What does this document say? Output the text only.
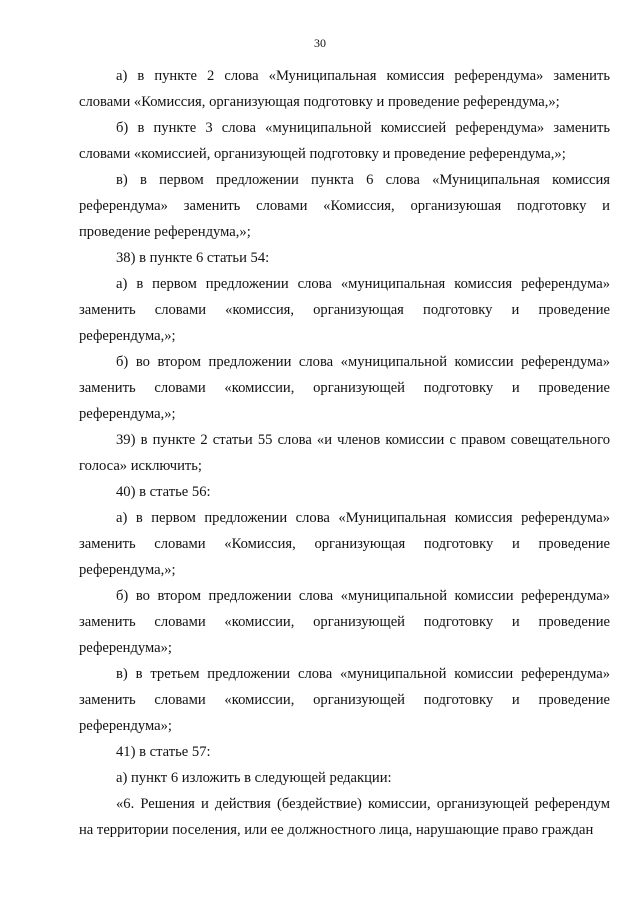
30

а) в пункте 2 слова «Муниципальная комиссия референдума» заменить словами «Комиссия, организующая подготовку и проведение референдума,»;

б) в пункте 3 слова «муниципальной комиссией референдума» заменить словами «комиссией, организующей подготовку и проведение референдума,»;

в) в первом предложении пункта 6 слова «Муниципальная комиссия референдума» заменить словами «Комиссия, организуюшая подготовку и проведение референдума,»;

38) в пункте 6 статьи 54:

а) в первом предложении слова «муниципальная комиссия референдума» заменить словами «комиссия, организующая подготовку и проведение референдума,»;

б) во втором предложении слова «муниципальной комиссии референдума» заменить словами «комиссии, организующей подготовку и проведение референдума,»;

39) в пункте 2 статьи 55 слова «и членов комиссии с правом совещательного голоса» исключить;

40) в статье 56:

а) в первом предложении слова «Муниципальная комиссия референдума» заменить словами «Комиссия, организующая подготовку и проведение референдума,»;

б) во втором предложении слова «муниципальной комиссии референдума» заменить словами «комиссии, организующей подготовку и проведение референдума»;

в) в третьем предложении слова «муниципальной комиссии референдума» заменить словами «комиссии, организующей подготовку и проведение референдума»;

41) в статье 57:

а) пункт 6 изложить в следующей редакции:

«6. Решения и действия (бездействие) комиссии, организующей референдум на территории поселения, или ее должностного лица, нарушающие право граждан
